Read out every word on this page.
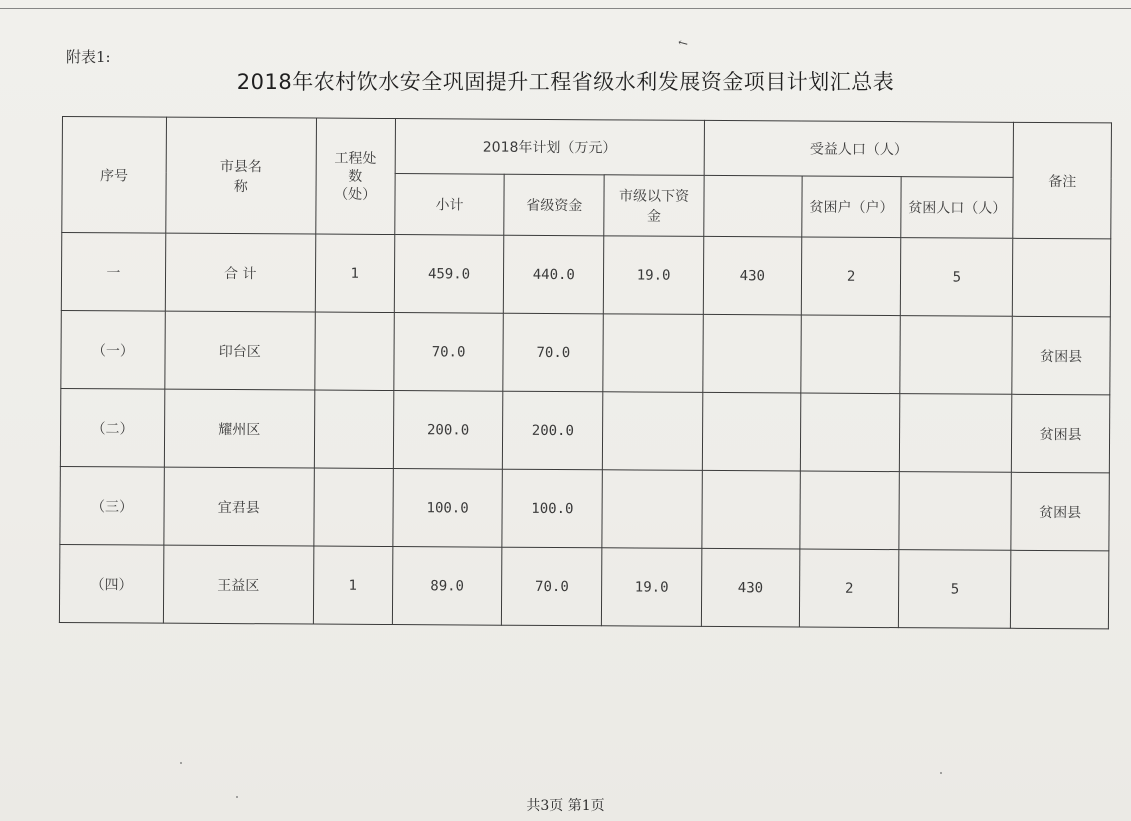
附表1:
↖
2018年农村饮水安全巩固提升工程省级水利发展资金项目计划汇总表
序号	市县名称	工程处数（处）	2018年计划（万元）			受益人口（人）			备注
			小计	省级资金	市级以下资金		贫困户（户）	贫困人口（人）	
一	合 计	1	459.0	440.0	19.0	430	2	5	
（一）	印台区		70.0	70.0					贫困县
（二）	耀州区		200.0	200.0					贫困县
（三）	宜君县		100.0	100.0					贫困县
（四）	王益区	1	89.0	70.0	19.0	430	2	5	
共3页 第1页
